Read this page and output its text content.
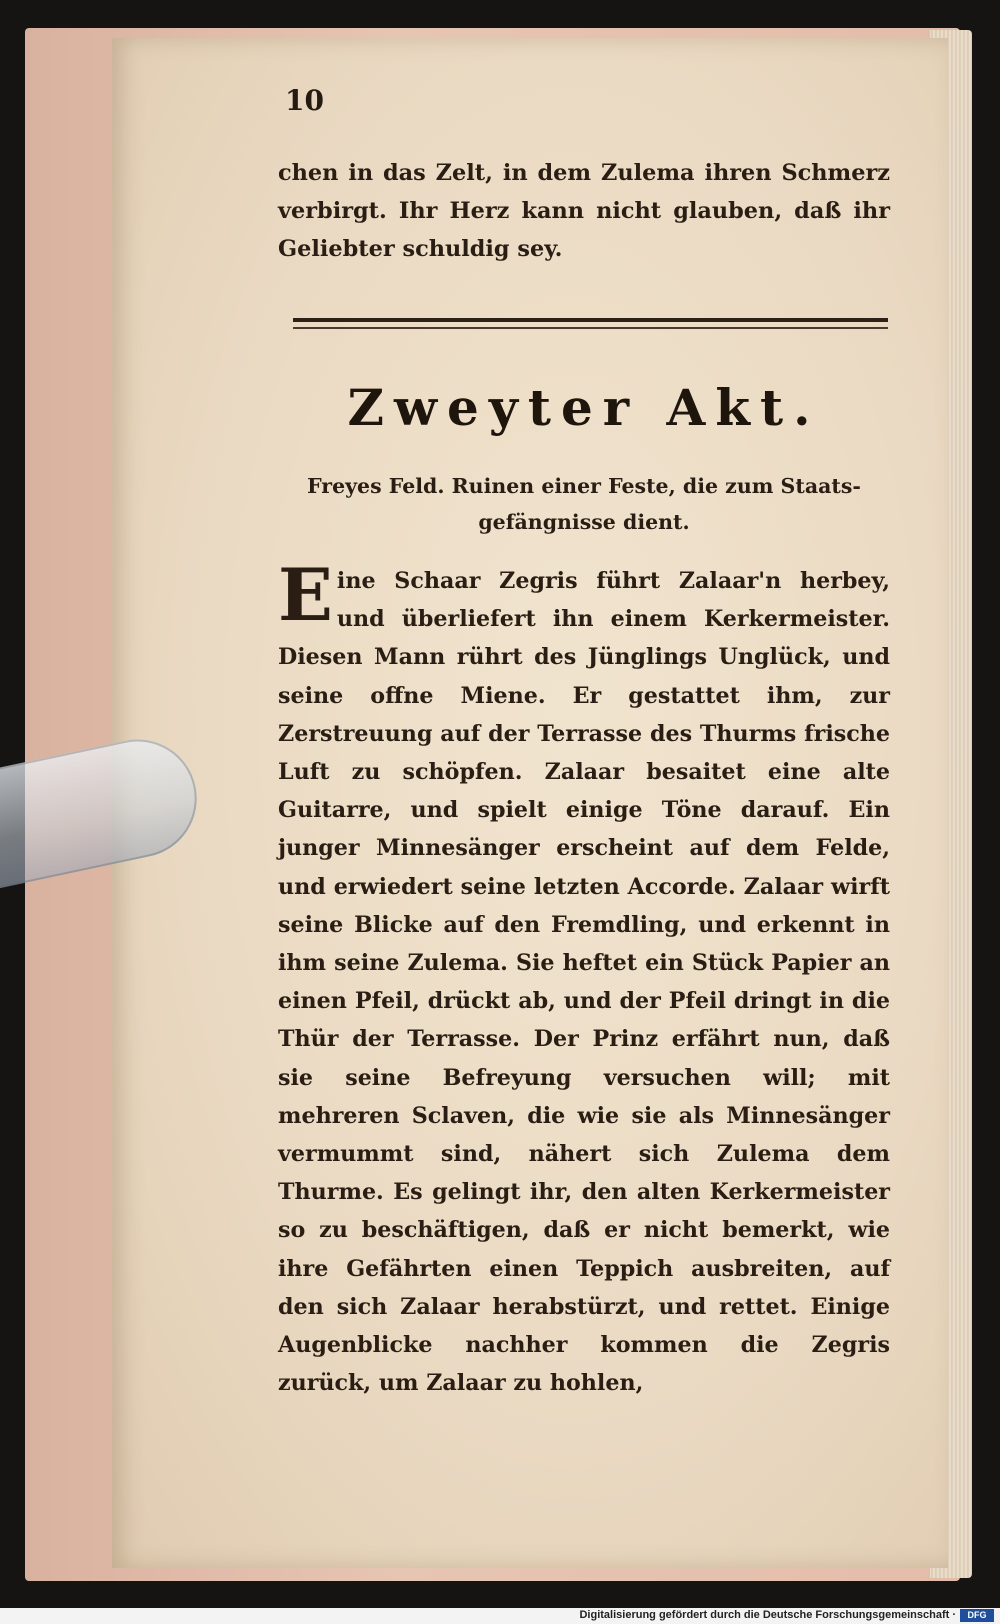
10

chen in das Zelt, in dem Zulema ihren Schmerz verbirgt. Ihr Herz kann nicht glauben, daß ihr Geliebter schuldig sey.

Zweyter Akt.
Freyes Feld. Ruinen einer Feste, die zum Staats-
gefängnisse dient.

Eine Schaar Zegris führt Zalaar'n herbey, und überliefert ihn einem Kerkermeister. Diesen Mann rührt des Jünglings Unglück, und seine offne Miene. Er gestattet ihm, zur Zerstreuung auf der Terrasse des Thurms frische Luft zu schöpfen. Zalaar besaitet eine alte Guitarre, und spielt einige Töne darauf. Ein junger Minnesänger erscheint auf dem Felde, und erwiedert seine letzten Accorde. Zalaar wirft seine Blicke auf den Fremdling, und erkennt in ihm seine Zulema. Sie heftet ein Stück Papier an einen Pfeil, drückt ab, und der Pfeil dringt in die Thür der Terrasse. Der Prinz erfährt nun, daß sie seine Befreyung versuchen will; mit mehreren Sclaven, die wie sie als Minnesänger vermummt sind, nähert sich Zulema dem Thurme. Es gelingt ihr, den alten Kerkermeister so zu beschäftigen, daß er nicht bemerkt, wie ihre Gefährten einen Teppich ausbreiten, auf den sich Zalaar herabstürzt, und rettet. Einige Augenblicke nachher kommen die Zegris zurück, um Zalaar zu hohlen,

Digitalisierung gefördert durch die Deutsche Forschungsgemeinschaft ·	DFG
